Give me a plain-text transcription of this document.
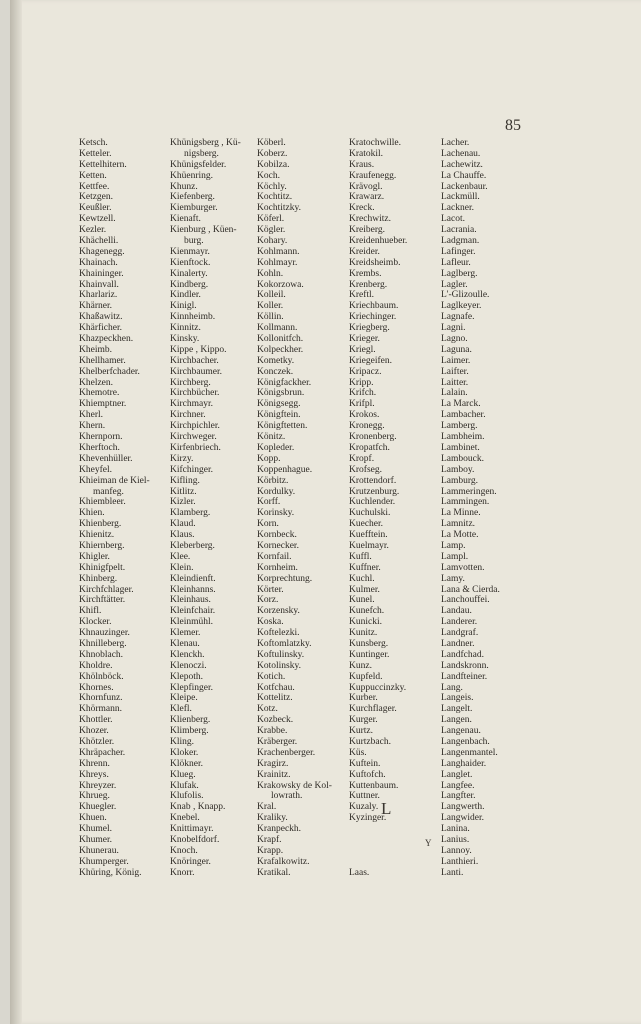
85
Ketsch.
Ketteler.
Kettelhitern.
Ketten.
Kettfee.
Ketzgen.
Keußler.
Kewtzell.
Kezler.
Khächelli.
Khagenegg.
Khainach.
Khaininger.
Khainvall.
Kharlariz.
Khärner.
Khaßawitz.
Khärficher.
Khazpeckhen.
Kheimb.
Khellhamer.
Khelberfchader.
Khelzen.
Khemotre.
Khiemptner.
Kherl.
Khern.
Khernporn.
Kherftoch.
Khevenhüller.
Kheyfel.
Khieiman de Kiel-
manfeg.
Khiembleer.
Khien.
Khienberg.
Khienitz.
Khiernberg.
Khigler.
Khinigfpelt.
Khinberg.
Kirchfchlager.
Kirchftätter.
Khifl.
Klocker.
Khnauzinger.
Khnilleberg.
Khnoblach.
Kholdre.
Khölnböck.
Khornes.
Khornfunz.
Khörmann.
Khottler.
Khozer.
Khötzler.
Khräpacher.
Khrenn.
Khreys.
Khreyzer.
Khrueg.
Khuegler.
Khuen.
Khumel.
Khumer.
Khunerau.
Khumperger.
Khüring, König.
Khünigsberg , Kü-
nigsberg.
Khünigsfelder.
Khüenring.
Khunz.
Kiefenberg.
Kiemburger.
Kienaft.
Kienburg , Küen-
burg.
Kienmayr.
Kienftock.
Kinalerty.
Kindberg.
Kindler.
Kinigl.
Kinnheimb.
Kinnitz.
Kinsky.
Kippe , Kippo.
Kirchbacher.
Kirchbaumer.
Kirchberg.
Kirchbücher.
Kirchmayr.
Kirchner.
Kirchpichler.
Kirchweger.
Kirfenbriech.
Kirzy.
Kifchinger.
Kifling.
Kitlitz.
Kizler.
Klamberg.
Klaud.
Klaus.
Kleberberg.
Klee.
Klein.
Kleindienft.
Kleinhanns.
Kleinhaus.
Kleinfchair.
Kleinmühl.
Klemer.
Klenau.
Klenckh.
Klenoczi.
Klepoth.
Klepfinger.
Kleipe.
Klefl.
Klienberg.
Klimberg.
Kling.
Kloker.
Klökner.
Klueg.
Klufak.
Klufolis.
Knab , Knapp.
Knebel.
Knittimayr.
Knobelfdorf.
Knoch.
Knöringer.
Knorr.
Köberl.
Koberz.
Kobilza.
Koch.
Köchly.
Kochtitz.
Kochtitzky.
Köferl.
Kögler.
Kohary.
Kohlmann.
Kohlmayr.
Kohln.
Kokorzowa.
Kolleil.
Koller.
Köllin.
Kollmann.
Kollonitfch.
Kolpeckher.
Kometky.
Konczek.
Königfackher.
Königsbrun.
Königsegg.
Königftein.
Königftetten.
Könitz.
Kopleder.
Kopp.
Koppenhague.
Körbitz.
Kordulky.
Korff.
Korinsky.
Korn.
Kornbeck.
Kornecker.
Kornfail.
Kornheim.
Korprechtung.
Körter.
Korz.
Korzensky.
Koska.
Koftelezki.
Koftomlatzky.
Koftulinsky.
Kotolinsky.
Kotich.
Kotfchau.
Kottelitz.
Kotz.
Kozbeck.
Krabbe.
Kräberger.
Krachenberger.
Kragirz.
Krainitz.
Krakowsky de Kol-
lowrath.
Kral.
Kraliky.
Kranpeckh.
Krapf.
Krapp.
Krafalkowitz.
Kratikal.
Kratochwille.
Kratokil.
Kraus.
Kraufenegg.
Krävogl.
Krawarz.
Kreck.
Krechwitz.
Kreiberg.
Kreidenhueber.
Kreider.
Kreidsheimb.
Krembs.
Krenberg.
Kreftl.
Kriechbaum.
Kriechinger.
Kriegberg.
Krieger.
Kriegl.
Kriegeifen.
Kripacz.
Kripp.
Krifch.
Krifpl.
Krokos.
Kronegg.
Kronenberg.
Kropatfch.
Kropf.
Krofseg.
Krottendorf.
Krutzenburg.
Kuchlender.
Kuchulski.
Kuecher.
Kuefftein.
Kuelmayr.
Kuffl.
Kuffner.
Kuchl.
Kulmer.
Kunel.
Kunefch.
Kunicki.
Kunitz.
Kunsberg.
Kuntinger.
Kunz.
Kupfeld.
Kuppuccinzky.
Kurber.
Kurchflager.
Kurger.
Kurtz.
Kurtzbach.
Küs.
Kuftein.
Kuftofch.
Kuttenbaum.
Kuttner.
Kuzaly.
Kyzinger.
Laas.
Lacher.
Lachenau.
Lachewitz.
La Chauffe.
Lackenbaur.
Lackmüll.
Lackner.
Lacot.
Lacrania.
Ladgman.
Lafinger.
Lafleur.
Laglberg.
Lagler.
L'-Glizoulle.
Laglkeyer.
Lagnafe.
Lagni.
Lagno.
Laguna.
Laimer.
Laifter.
Laitter.
Lalain.
La Marck.
Lambacher.
Lamberg.
Lambheim.
Lambinet.
Lambouck.
Lamboy.
Lamburg.
Lammeringen.
Lammingen.
La Minne.
Lamnitz.
La Motte.
Lamp.
Lampl.
Lamvotten.
Lamy.
Lana & Cierda.
Lanchouffei.
Landau.
Landerer.
Landgraf.
Landner.
Landfchad.
Landskronn.
Landfteiner.
Lang.
Langeis.
Langelt.
Langen.
Langenau.
Langenbach.
Langenmantel.
Langhaider.
Langlet.
Langfee.
Langfter.
Langwerth.
Langwider.
Lanina.
Lanius.
Lannoy.
Lanthieri.
Lanti.
L
Y
